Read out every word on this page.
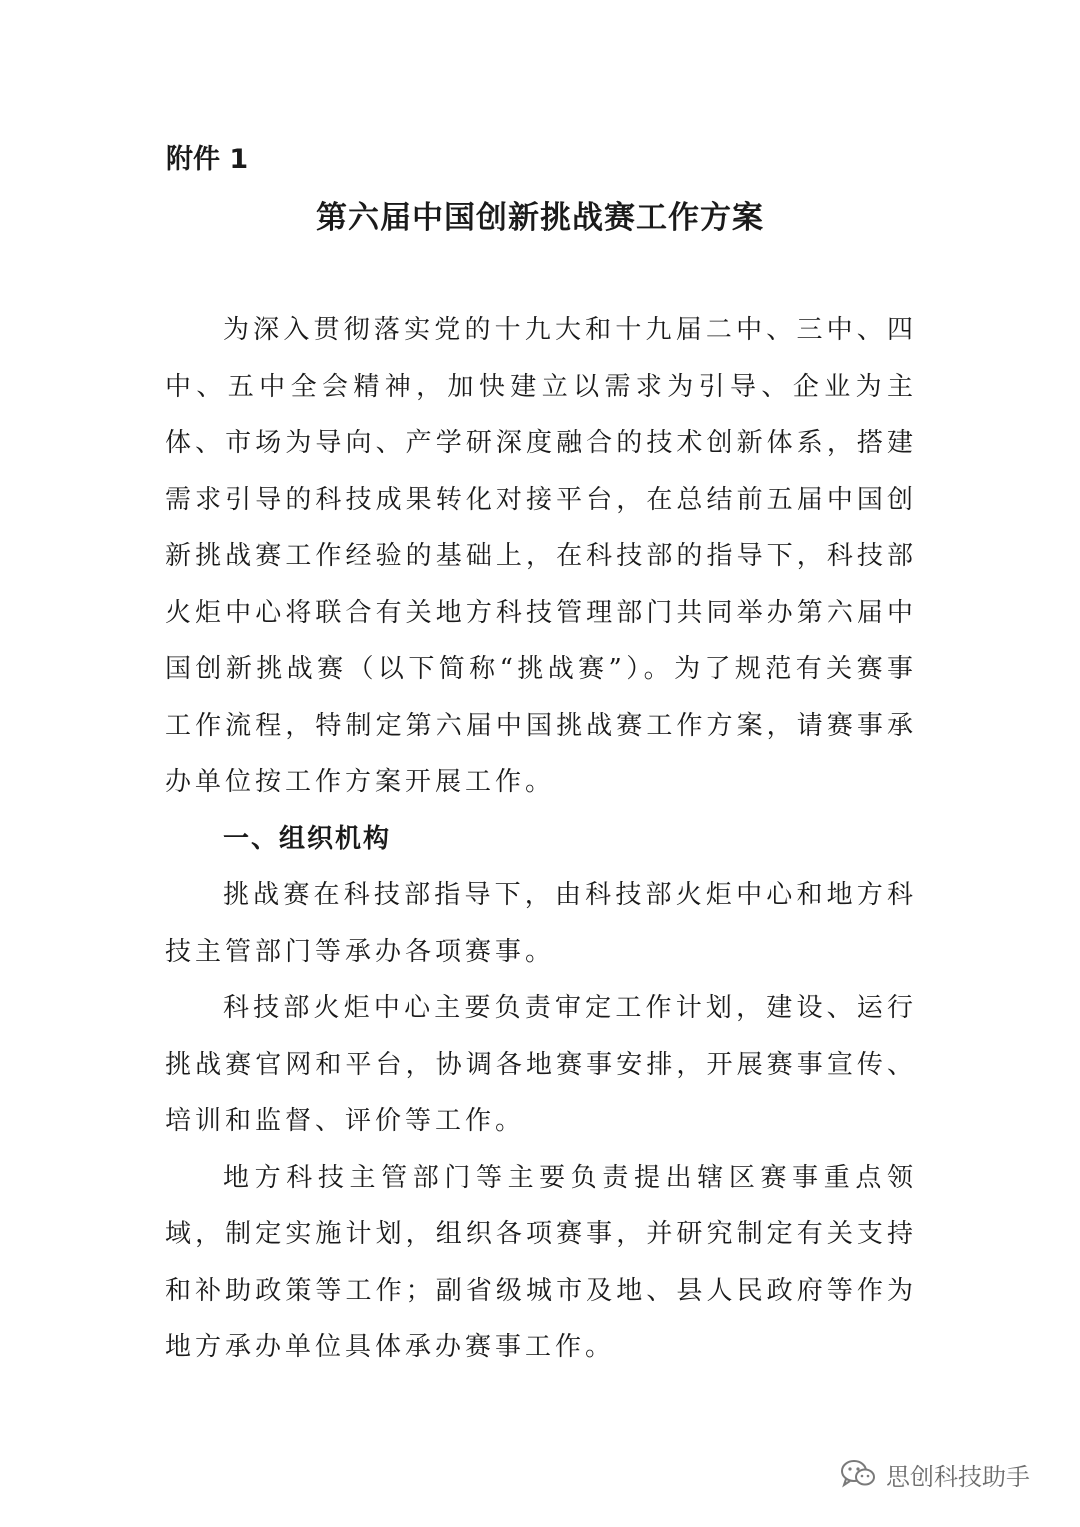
附件 1
第六届中国创新挑战赛工作方案

为深入贯彻落实党的十九大和十九届二中、三中、四中、五中全会精神，加快建立以需求为引导、企业为主体、市场为导向、产学研深度融合的技术创新体系，搭建需求引导的科技成果转化对接平台，在总结前五届中国创新挑战赛工作经验的基础上，在科技部的指导下，科技部火炬中心将联合有关地方科技管理部门共同举办第六届中国创新挑战赛（以下简称“挑战赛”）。为了规范有关赛事工作流程，特制定第六届中国挑战赛工作方案，请赛事承办单位按工作方案开展工作。

一、组织机构

挑战赛在科技部指导下，由科技部火炬中心和地方科技主管部门等承办各项赛事。

科技部火炬中心主要负责审定工作计划，建设、运行挑战赛官网和平台，协调各地赛事安排，开展赛事宣传、培训和监督、评价等工作。

地方科技主管部门等主要负责提出辖区赛事重点领域，制定实施计划，组织各项赛事，并研究制定有关支持和补助政策等工作；副省级城市及地、县人民政府等作为地方承办单位具体承办赛事工作。

思创科技助手
